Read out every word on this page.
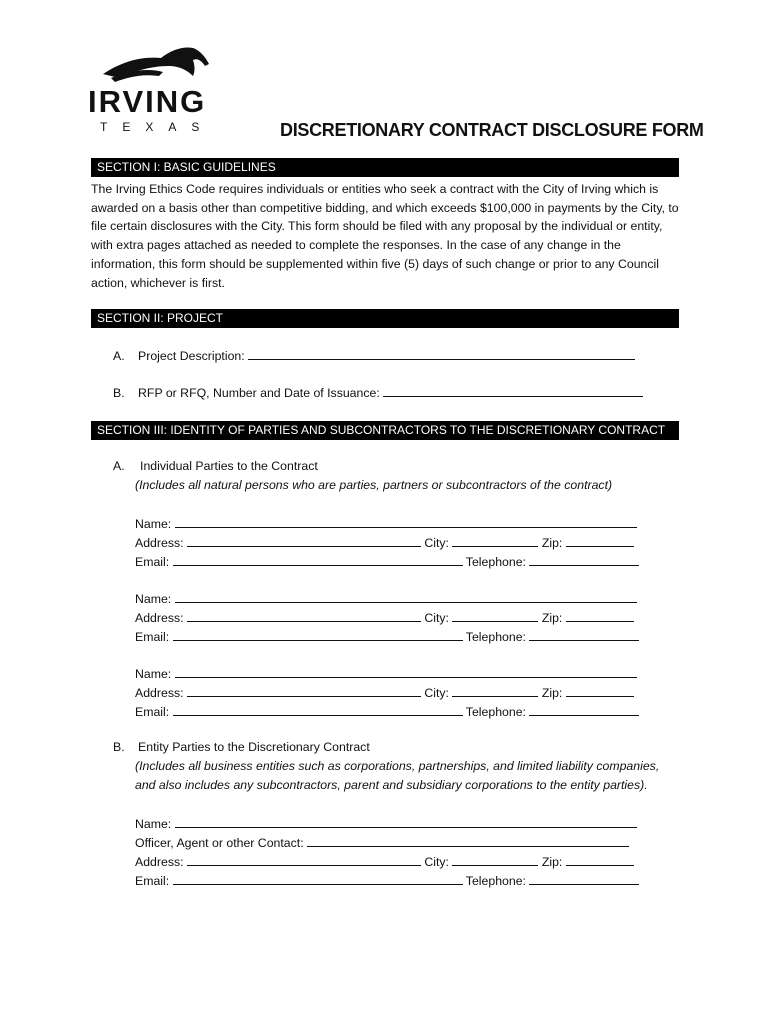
IRVING
TEXAS	DISCRETIONARY CONTRACT DISCLOSURE FORM
SECTION I: BASIC GUIDELINES
The Irving Ethics Code requires individuals or entities who seek a contract with the City of Irving which is awarded on a basis other than competitive bidding, and which exceeds $100,000 in payments by the City, to file certain disclosures with the City. This form should be filed with any proposal by the individual or entity, with extra pages attached as needed to complete the responses. In the case of any change in the information, this form should be supplemented within five (5) days of such change or prior to any Council action, whichever is first.
SECTION II: PROJECT
A. Project Description:
B. RFP or RFQ, Number and Date of Issuance:
SECTION III: IDENTITY OF PARTIES AND SUBCONTRACTORS TO THE DISCRETIONARY CONTRACT
A. Individual Parties to the Contract
(Includes all natural persons who are parties, partners or subcontractors of the contract)
Name:
Address:	City:	Zip:
Email:	Telephone:
Name:
Address:	City:	Zip:
Email:	Telephone:
Name:
Address:	City:	Zip:
Email:	Telephone:
B. Entity Parties to the Discretionary Contract
(Includes all business entities such as corporations, partnerships, and limited liability companies,
and also includes any subcontractors, parent and subsidiary corporations to the entity parties).
Name:
Officer, Agent or other Contact:
Address:	City:	Zip:
Email:	Telephone:
